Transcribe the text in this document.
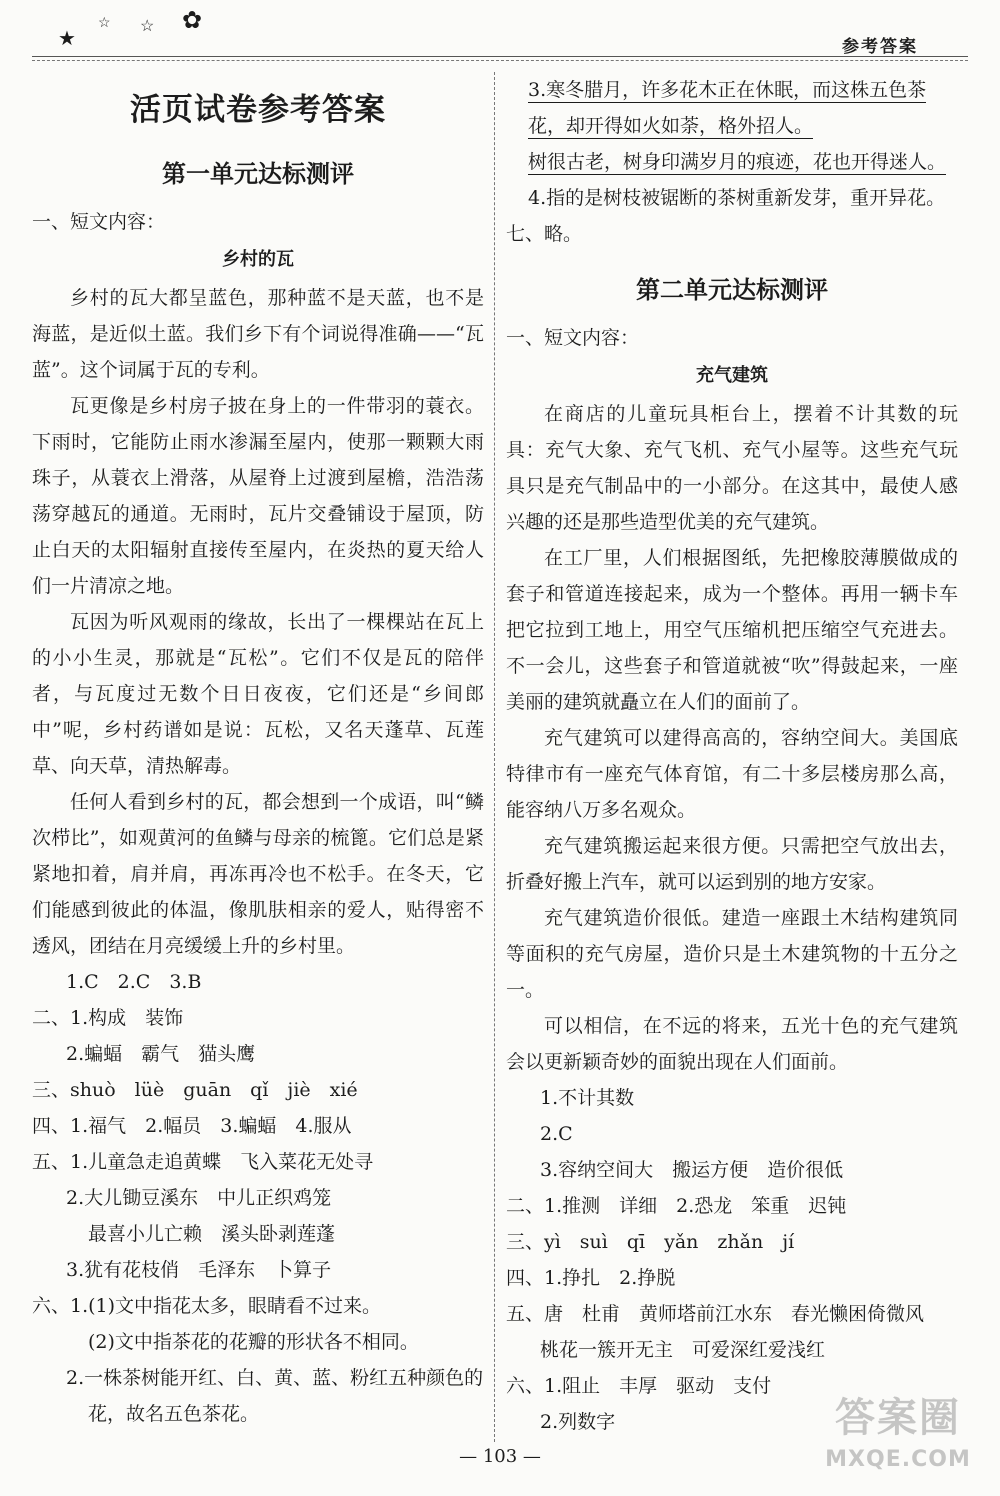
★
☆ ☆ ✿
参考答案
活页试卷参考答案
第一单元达标测评
一、短文内容：
乡村的瓦

乡村的瓦大都呈蓝色，那种蓝不是天蓝，也不是海蓝，是近似土蓝。我们乡下有个词说得准确——“瓦蓝”。这个词属于瓦的专利。

瓦更像是乡村房子披在身上的一件带羽的蓑衣。下雨时，它能防止雨水渗漏至屋内，使那一颗颗大雨珠子，从蓑衣上滑落，从屋脊上过渡到屋檐，浩浩荡荡穿越瓦的通道。无雨时，瓦片交叠铺设于屋顶，防止白天的太阳辐射直接传至屋内，在炎热的夏天给人们一片清凉之地。

瓦因为听风观雨的缘故，长出了一棵棵站在瓦上的小小生灵，那就是“瓦松”。它们不仅是瓦的陪伴者，与瓦度过无数个日日夜夜，它们还是“乡间郎中”呢，乡村药谱如是说：瓦松，又名天蓬草、瓦莲草、向天草，清热解毒。

任何人看到乡村的瓦，都会想到一个成语，叫“鳞次栉比”，如观黄河的鱼鳞与母亲的梳篦。它们总是紧紧地扣着，肩并肩，再冻再冷也不松手。在冬天，它们能感到彼此的体温，像肌肤相亲的爱人，贴得密不透风，团结在月亮缓缓上升的乡村里。

1.C　2.C　3.B
二、1.构成　装饰
2.蝙蝠　霸气　猫头鹰
三、shuò　lüè　guān　qǐ　jiè　xié
四、1.福气　2.幅员　3.蝙蝠　4.服从
五、1.儿童急走追黄蝶　飞入菜花无处寻
2.大儿锄豆溪东　中儿正织鸡笼
最喜小儿亡赖　溪头卧剥莲蓬
3.犹有花枝俏　毛泽东　卜算子
六、1.(1)文中指花太多，眼睛看不过来。
(2)文中指茶花的花瓣的形状各不相同。
2.一株茶树能开红、白、黄、蓝、粉红五种颜色的
花，故名五色茶花。
3.寒冬腊月，许多花木正在休眠，而这株五色茶
花，却开得如火如荼，格外招人。
树很古老，树身印满岁月的痕迹，花也开得迷人。
4.指的是树枝被锯断的茶树重新发芽，重开异花。
七、略。
第二单元达标测评
一、短文内容：
充气建筑

在商店的儿童玩具柜台上，摆着不计其数的玩具：充气大象、充气飞机、充气小屋等。这些充气玩具只是充气制品中的一小部分。在这其中，最使人感兴趣的还是那些造型优美的充气建筑。

在工厂里，人们根据图纸，先把橡胶薄膜做成的套子和管道连接起来，成为一个整体。再用一辆卡车把它拉到工地上，用空气压缩机把压缩空气充进去。不一会儿，这些套子和管道就被“吹”得鼓起来，一座美丽的建筑就矗立在人们的面前了。

充气建筑可以建得高高的，容纳空间大。美国底特律市有一座充气体育馆，有二十多层楼房那么高，能容纳八万多名观众。

充气建筑搬运起来很方便。只需把空气放出去，折叠好搬上汽车，就可以运到别的地方安家。

充气建筑造价很低。建造一座跟土木结构建筑同等面积的充气房屋，造价只是土木建筑物的十五分之一。

可以相信，在不远的将来，五光十色的充气建筑会以更新颖奇妙的面貌出现在人们面前。

1.不计其数
2.C
3.容纳空间大　搬运方便　造价很低
二、1.推测　详细　2.恐龙　笨重　迟钝
三、yì　suì　qī　yǎn　zhǎn　jí
四、1.挣扎　2.挣脱
五、唐　杜甫　黄师塔前江水东　春光懒困倚微风
桃花一簇开无主　可爱深红爱浅红
六、1.阻止　丰厚　驱动　支付
2.列数字
— 103 —
答案圈
MXQE.COM
